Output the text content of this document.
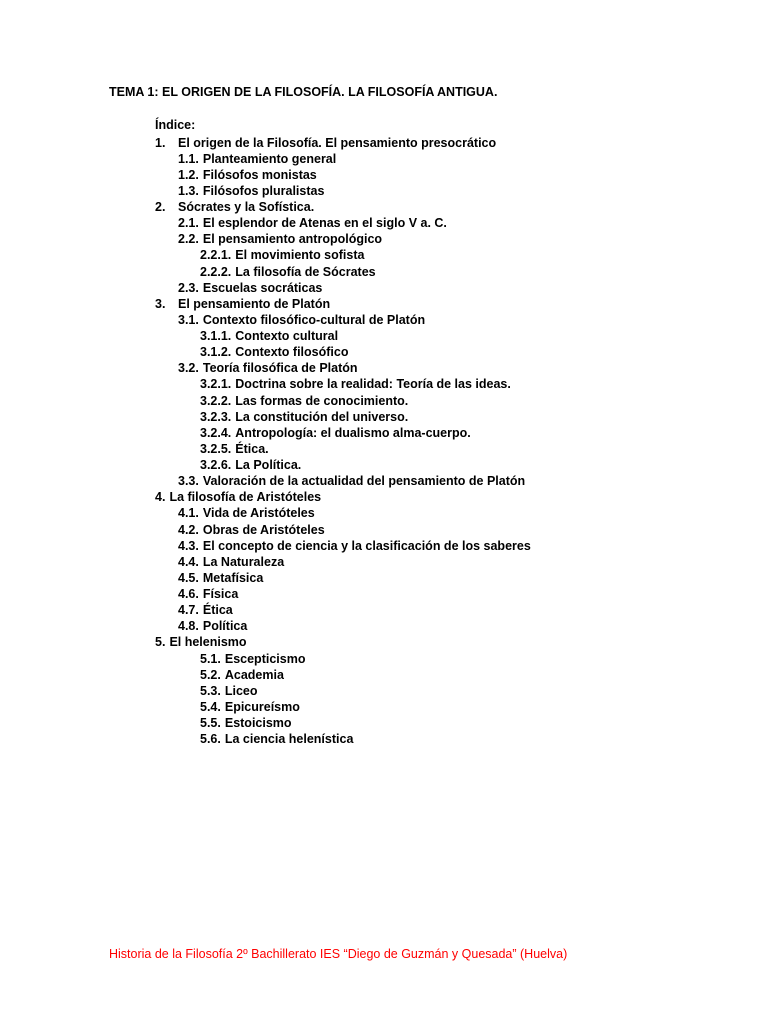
TEMA 1: EL ORIGEN DE LA FILOSOFÍA. LA FILOSOFÍA ANTIGUA.
Índice:
1. El origen de la Filosofía. El pensamiento presocrático
1.1. Planteamiento general
1.2. Filósofos monistas
1.3. Filósofos pluralistas
2. Sócrates y la Sofística.
2.1. El esplendor de Atenas en el siglo V a. C.
2.2. El pensamiento antropológico
2.2.1. El movimiento sofista
2.2.2. La filosofía de Sócrates
2.3. Escuelas socráticas
3. El pensamiento de Platón
3.1. Contexto filosófico-cultural de Platón
3.1.1. Contexto cultural
3.1.2. Contexto filosófico
3.2. Teoría filosófica de Platón
3.2.1. Doctrina sobre la realidad: Teoría de las ideas.
3.2.2. Las formas de conocimiento.
3.2.3. La constitución del universo.
3.2.4. Antropología: el dualismo alma-cuerpo.
3.2.5. Ética.
3.2.6. La Política.
3.3. Valoración de la actualidad del pensamiento de Platón
4. La filosofía de Aristóteles
4.1. Vida de Aristóteles
4.2. Obras de Aristóteles
4.3. El concepto de ciencia y la clasificación de los saberes
4.4. La Naturaleza
4.5. Metafísica
4.6. Física
4.7. Ética
4.8. Política
5. El helenismo
5.1. Escepticismo
5.2. Academia
5.3. Liceo
5.4. Epicureísmo
5.5. Estoicismo
5.6. La ciencia helenística
Historia de la Filosofía 2º Bachillerato IES “Diego de Guzmán y Quesada” (Huelva)
